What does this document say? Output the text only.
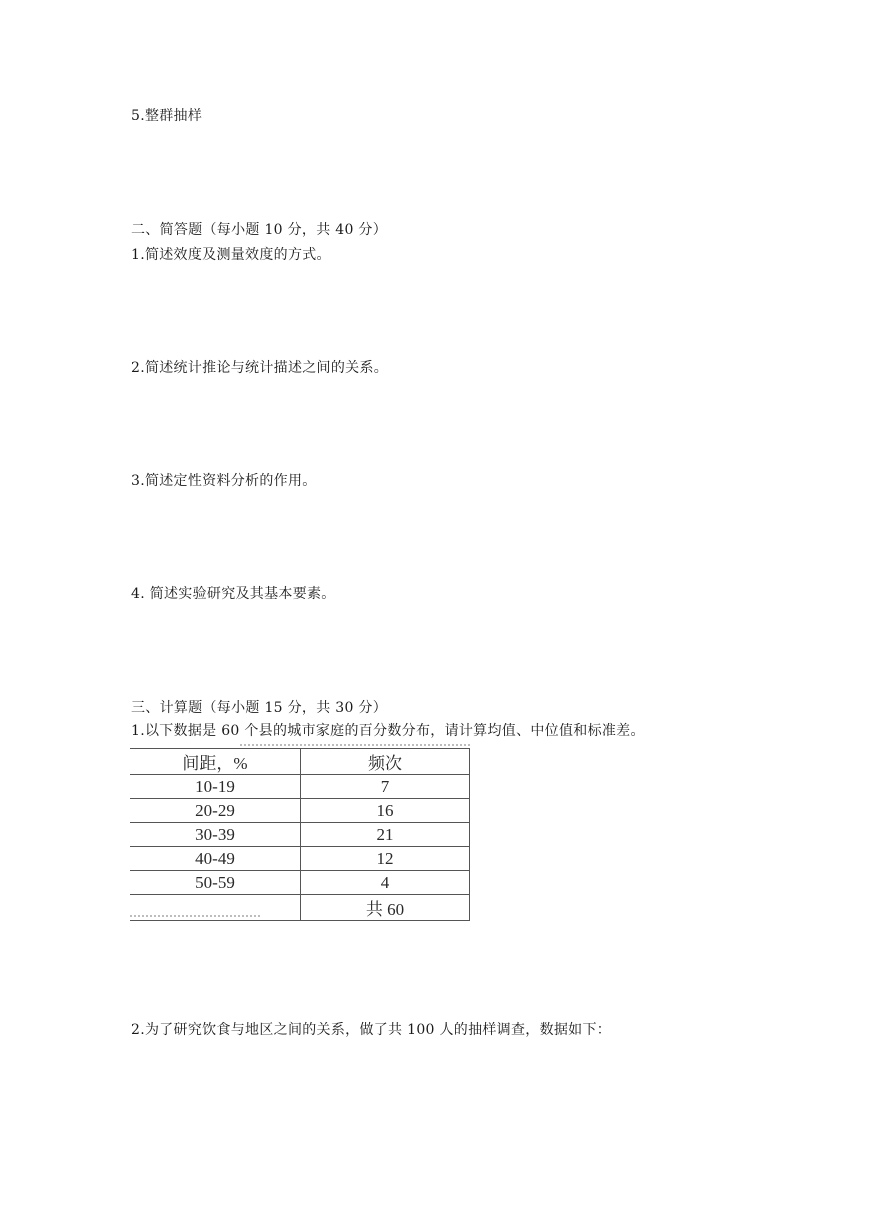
5.整群抽样
二、简答题（每小题 10 分，共 40 分）
1.简述效度及测量效度的方式。
2.简述统计推论与统计描述之间的关系。
3.简述定性资料分析的作用。
4. 简述实验研究及其基本要素。
三、计算题（每小题 15 分，共 30 分）
1.以下数据是 60 个县的城市家庭的百分数分布，请计算均值、中位值和标准差。
间距，%	频次
10-19	7
20-29	16
30-39	21
40-49	12
50-59	4
	共 60
2.为了研究饮食与地区之间的关系，做了共 100 人的抽样调查，数据如下：
